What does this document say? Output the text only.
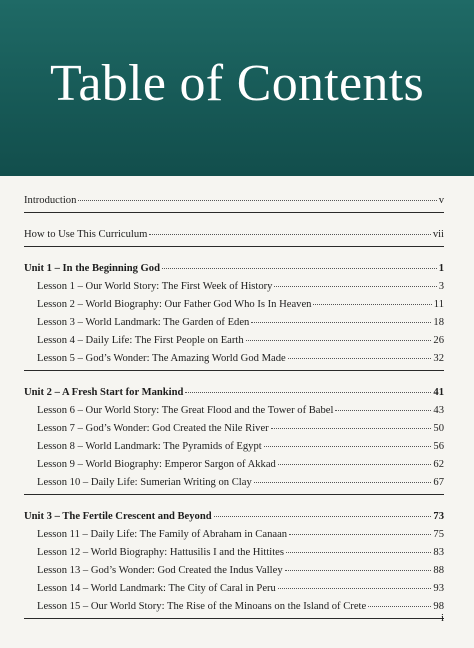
Table of Contents
Introduction	v
How to Use This Curriculum	vii
Unit 1 – In the Beginning God	1
Lesson 1 – Our World Story: The First Week of History	3
Lesson 2 – World Biography: Our Father God Who Is In Heaven	11
Lesson 3 – World Landmark: The Garden of Eden	18
Lesson 4 – Daily Life: The First People on Earth	26
Lesson 5 – God’s Wonder: The Amazing World God Made	32
Unit 2 – A Fresh Start for Mankind	41
Lesson 6 – Our World Story: The Great Flood and the Tower of Babel	43
Lesson 7 – God’s Wonder: God Created the Nile River	50
Lesson 8 – World Landmark: The Pyramids of Egypt	56
Lesson 9 – World Biography: Emperor Sargon of Akkad	62
Lesson 10 – Daily Life: Sumerian Writing on Clay	67
Unit 3 – The Fertile Crescent and Beyond	73
Lesson 11 – Daily Life: The Family of Abraham in Canaan	75
Lesson 12 – World Biography: Hattusilis I and the Hittites	83
Lesson 13 – God’s Wonder: God Created the Indus Valley	88
Lesson 14 – World Landmark: The City of Caral in Peru	93
Lesson 15 – Our World Story: The Rise of the Minoans on the Island of Crete	98
i
